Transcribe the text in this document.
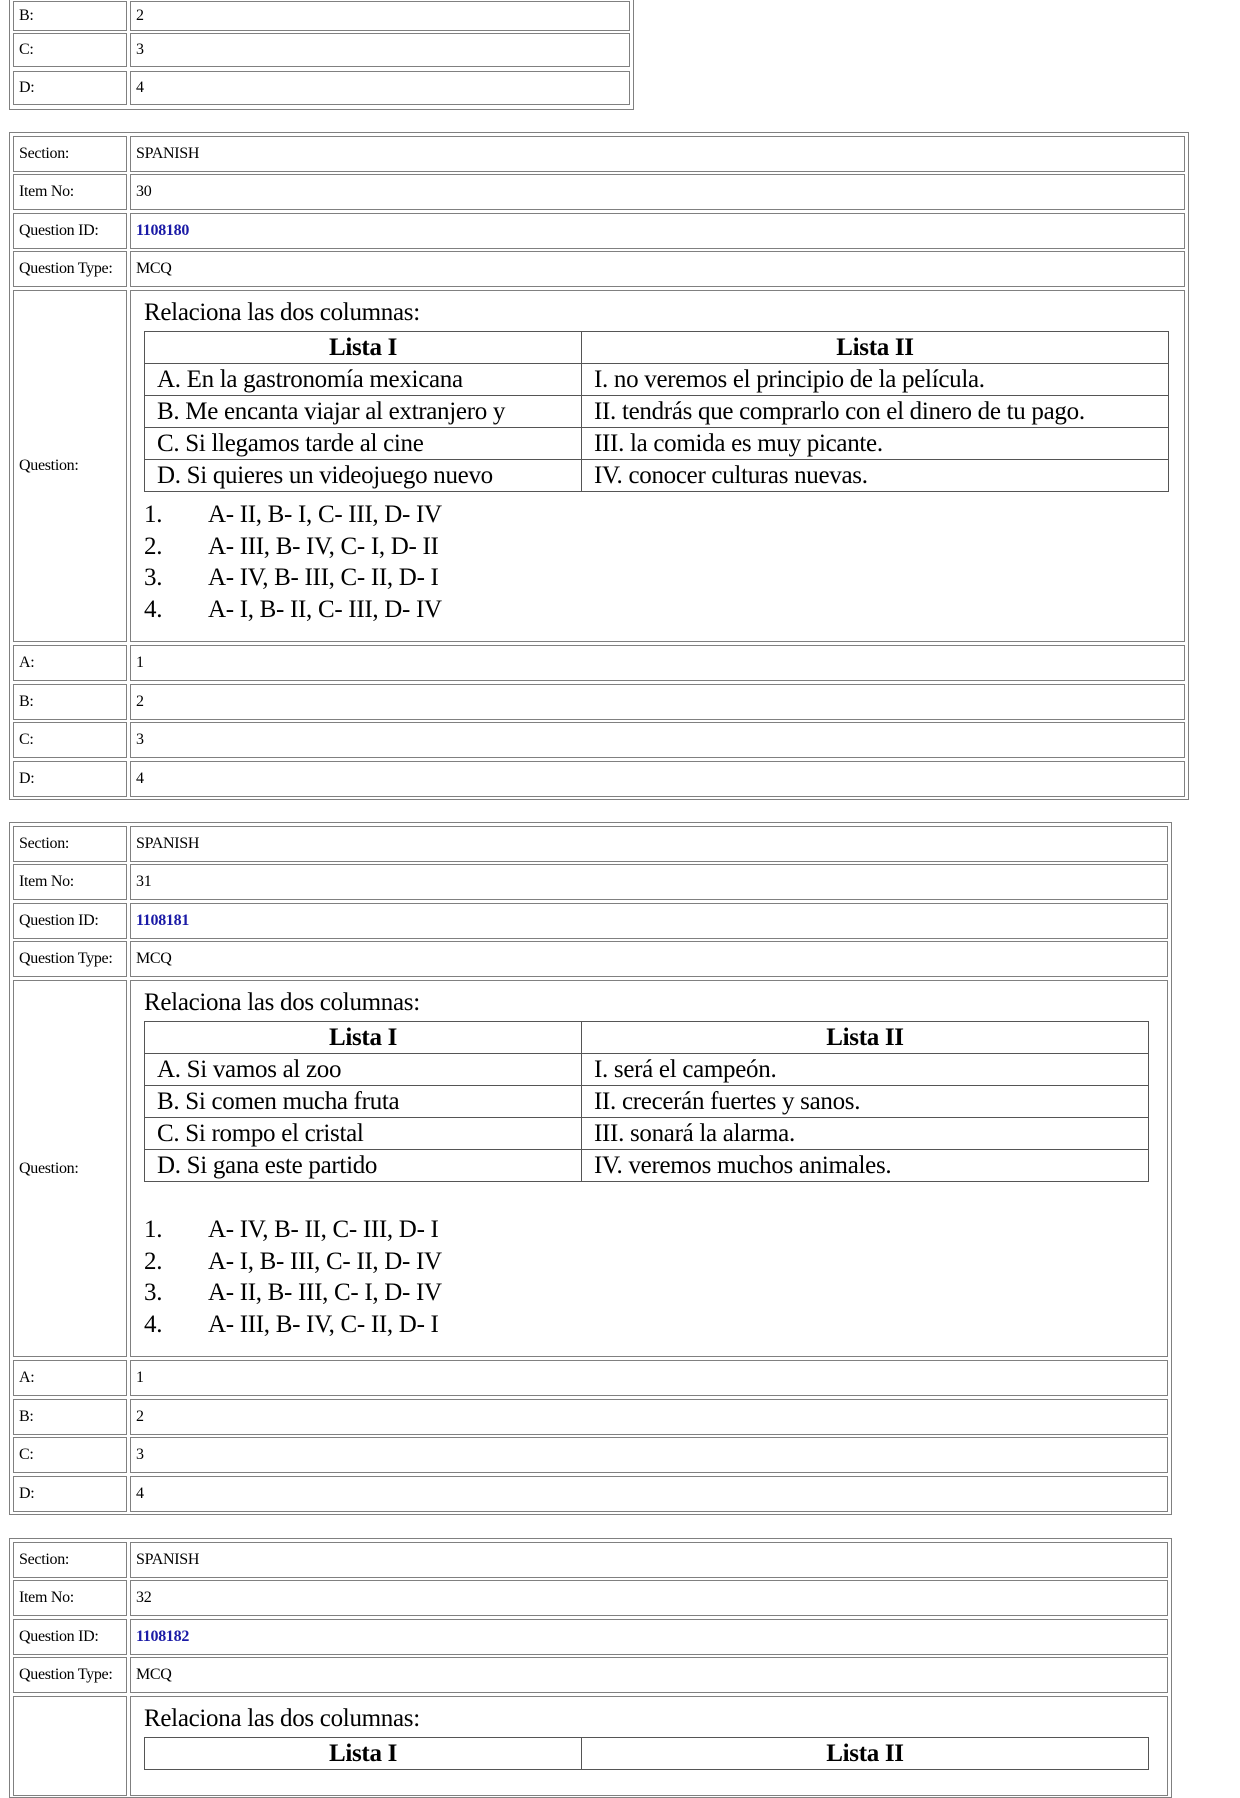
B:	2
C:	3
D:	4
Section:	SPANISH
Item No:	30
Question ID:	1108180
Question Type:	MCQ
Question:
Relaciona las dos columnas:
Lista I	Lista II
A. En la gastronomía mexicana	I. no veremos el principio de la película.
B. Me encanta viajar al extranjero y	II. tendrás que comprarlo con el dinero de tu pago.
C. Si llegamos tarde al cine	III. la comida es muy picante.
D. Si quieres un videojuego nuevo	IV. conocer culturas nuevas.
1. A- II, B- I, C- III, D- IV
2. A- III, B- IV, C- I, D- II
3. A- IV, B- III, C- II, D- I
4. A- I, B- II, C- III, D- IV
A:	1
B:	2
C:	3
D:	4
Section:	SPANISH
Item No:	31
Question ID:	1108181
Question Type:	MCQ
Question:
Relaciona las dos columnas:
Lista I	Lista II
A. Si vamos al zoo	I. será el campeón.
B. Si comen mucha fruta	II. crecerán fuertes y sanos.
C. Si rompo el cristal	III. sonará la alarma.
D. Si gana este partido	IV. veremos muchos animales.
1. A- IV, B- II, C- III, D- I
2. A- I, B- III, C- II, D- IV
3. A- II, B- III, C- I, D- IV
4. A- III, B- IV, C- II, D- I
A:	1
B:	2
C:	3
D:	4
Section:	SPANISH
Item No:	32
Question ID:	1108182
Question Type:	MCQ
Relaciona las dos columnas:
Lista I	Lista II
